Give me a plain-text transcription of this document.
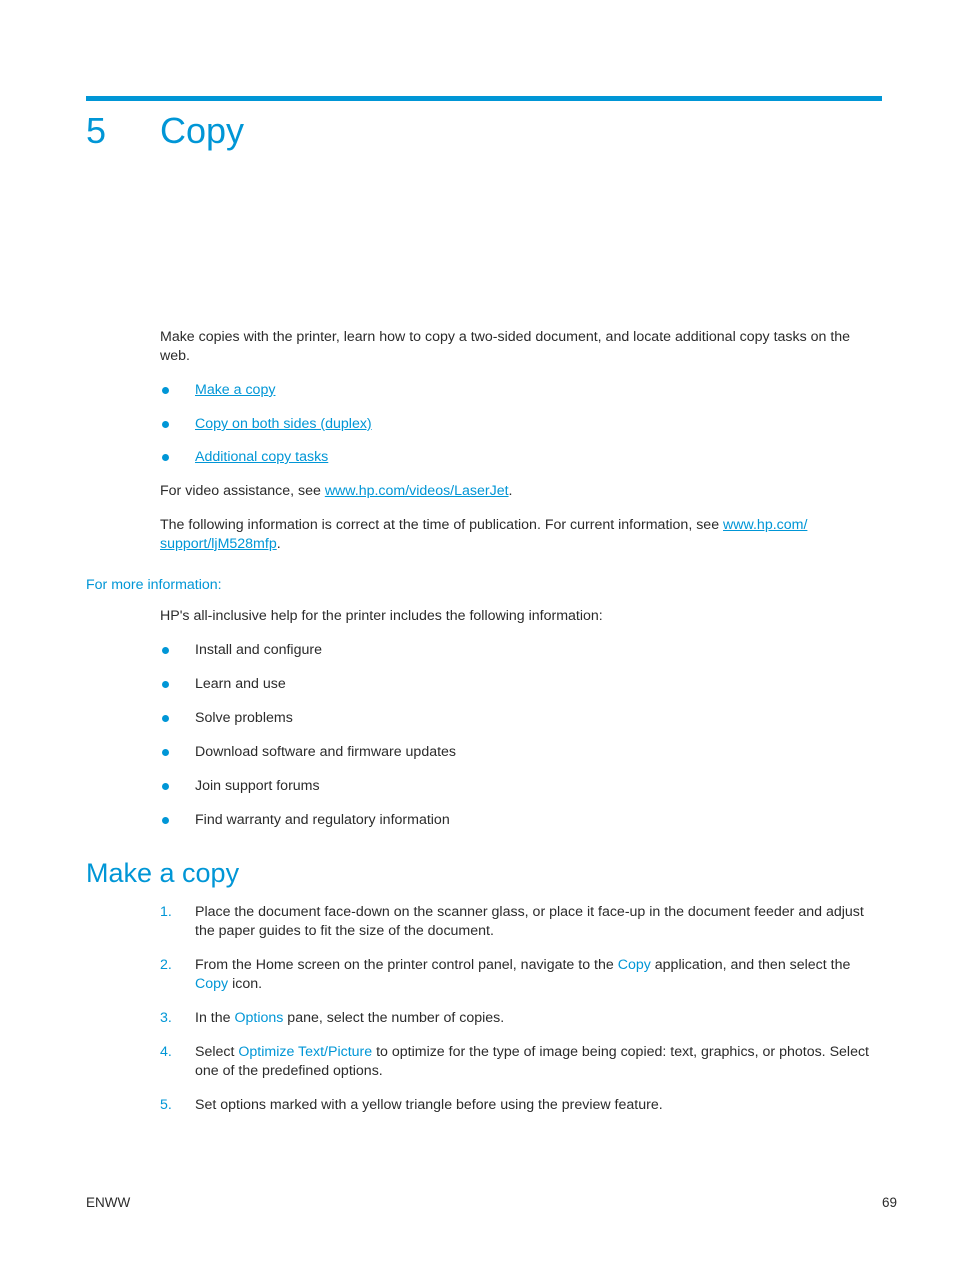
5 Copy

Make copies with the printer, learn how to copy a two-sided document, and locate additional copy tasks on the web.

Make a copy
Copy on both sides (duplex)
Additional copy tasks

For video assistance, see www.hp.com/videos/LaserJet.

The following information is correct at the time of publication. For current information, see www.hp.com/
support/ljM528mfp.

For more information:

HP's all-inclusive help for the printer includes the following information:

Install and configure
Learn and use
Solve problems
Download software and firmware updates
Join support forums
Find warranty and regulatory information
Make a copy
1. Place the document face-down on the scanner glass, or place it face-up in the document feeder and adjust the paper guides to fit the size of the document.
2. From the Home screen on the printer control panel, navigate to the Copy application, and then select the Copy icon.
3. In the Options pane, select the number of copies.
4. Select Optimize Text/Picture to optimize for the type of image being copied: text, graphics, or photos. Select one of the predefined options.
5. Set options marked with a yellow triangle before using the preview feature.
ENWW	69
